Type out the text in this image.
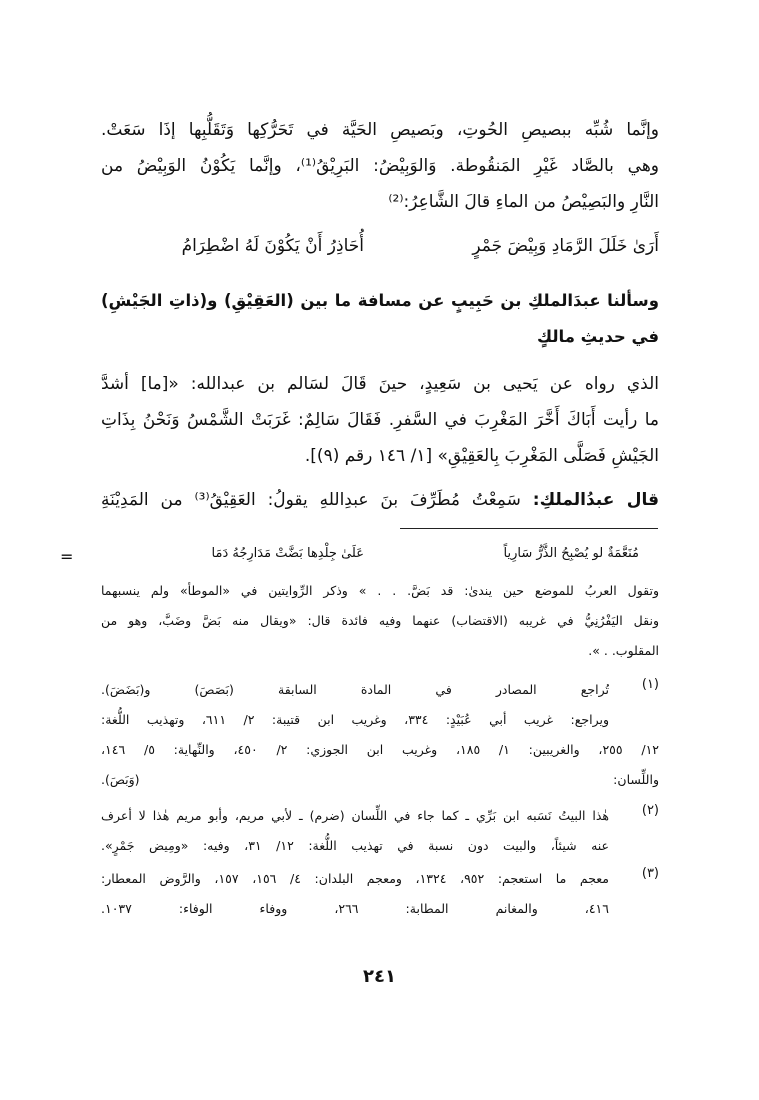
وإنَّما شُبِّه ببصيصِ الحُوتِ، وبَصيصِ الحَيَّة في تَحَرُّكِها وَتَقَلُّبِها إذَا سَعَتْ.
وهي بالصَّاد غَيْرِ المَنقُوطة. وَالوَبِيْضُ: البَرِيْقُ⁽¹⁾، وإنَّما يَكُوْنُ الوَبِيْضُ من
النَّارِ والبَصِيْصُ من الماءِ قالَ الشَّاعِرُ:⁽²⁾
أَرَىٰ خَلَلَ الرَّمَادِ وَبِيْضَ جَمْرٍ
أُحَاذِرُ أَنْ يَكُوْنَ لَهُ اضْطِرَامُ
وسألنا عبدَالملكِ بن حَبِيبٍ عن مسافة ما بين (العَقِيْقِ) و(ذاتِ الجَيْشِ)
في حديثِ مالكٍ
الذي رواه عن يَحيى بن سَعِيدٍ، حينَ قَالَ لسَالم بن عبدالله: «[ما] أشدَّ
ما رأيت أَبَاكَ أَخَّرَ المَغْرِبَ في السَّفرِ. فَقَالَ سَالِمٌ: غَرَبَتْ الشَّمْسُ وَنَحْنُ بِذَاتِ
الجَيْشِ فَصَلَّى المَغْرِبَ بِالعَقِيْقِ» [١/ ١٤٦ رقم (٩)].
قال عبدُالملكِ: سَمِعْتُ مُطَرِّفَ بنَ عبدِاللهِ يقولُ: العَقِيْقُ⁽³⁾ من المَدِيْنَةِ
=	مُنَعَّمَةٌ لو يُصْبِحُ الذَّرُّ سَارِياً
عَلَىٰ جِلْدِها بَضَّتْ مَدَارِجُهُ دَمَا
وتقول العربُ للموضع حين يندىٰ: قد بَضَّ. . . » وذكر الرِّوايتين في «الموطأ» ولم ينسبهما
ونقل اليَفْرُنِيُّ في غريبه (الاقتضاب) عنهما وفيه فائدة قال: «ويقال منه بَضَّ وضَبَّ، وهو من
المقلوب. . ».
(١)
تُراجع المصادر في المادة السابقة (بَصَصَ) و(بَضَضَ).
ويراجع: غريب أبي عُبَيْدٍ: ٣٣٤، وغريب ابن قتيبة: ٢/ ٦١١، وتهذيب اللُّغة:
١٢/ ٢٥٥، والغريبين: ١/ ١٨٥، وغريب ابن الجوزي: ٢/ ٤٥٠، والنِّهاية: ٥/ ١٤٦،
واللِّسان: (وَبَصَ).
(٢)
هٰذا البيتُ نَسَبه ابن بَرِّي ـ كما جاء في اللِّسان (ضرم) ـ لأبي مريم، وأبو مريم هٰذا لا أعرف
عنه شيئاً، والبيت دون نسبة في تهذيب اللُّغة: ١٢/ ٣١، وفيه: «ومِيض جَمْرٍ».
(٣)
معجم ما استعجم: ٩٥٢، ١٣٢٤، ومعجم البلدان: ٤/ ١٥٦، ١٥٧، والرَّوض المعطار:
٤١٦، والمغانم المطابة: ٢٦٦، ووفاء الوفاء: ١٠٣٧.
٢٤١
